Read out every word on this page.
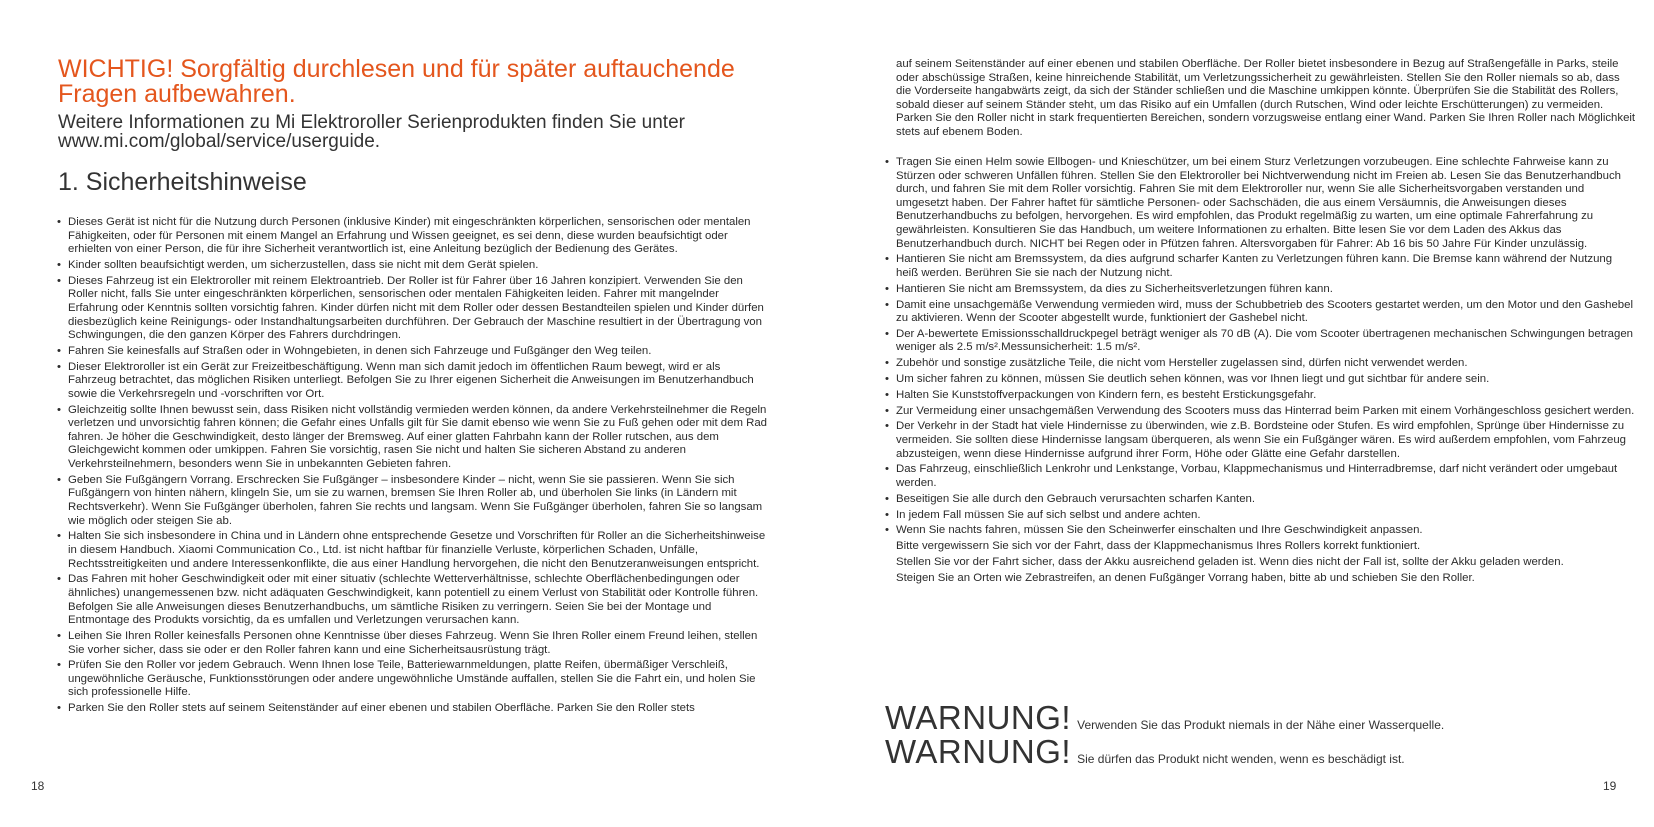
WICHTIG! Sorgfältig durchlesen und für später auftauchende Fragen aufbewahren.

Weitere Informationen zu Mi Elektroroller Serienprodukten finden Sie unter www.mi.com/global/service/userguide.

1. Sicherheitshinweise
• Dieses Gerät ist nicht für die Nutzung durch Personen (inklusive Kinder) mit eingeschränkten körperlichen, sensorischen oder mentalen Fähigkeiten, oder für Personen mit einem Mangel an Erfahrung und Wissen geeignet, es sei denn, diese wurden beaufsichtigt oder erhielten von einer Person, die für ihre Sicherheit verantwortlich ist, eine Anleitung bezüglich der Bedienung des Gerätes.
• Kinder sollten beaufsichtigt werden, um sicherzustellen, dass sie nicht mit dem Gerät spielen.
• Dieses Fahrzeug ist ein Elektroroller mit reinem Elektroantrieb. Der Roller ist für Fahrer über 16 Jahren konzipiert. Verwenden Sie den Roller nicht, falls Sie unter eingeschränkten körperlichen, sensorischen oder mentalen Fähigkeiten leiden. Fahrer mit mangelnder Erfahrung oder Kenntnis sollten vorsichtig fahren. Kinder dürfen nicht mit dem Roller oder dessen Bestandteilen spielen und Kinder dürfen diesbezüglich keine Reinigungs- oder Instandhaltungsarbeiten durchführen. Der Gebrauch der Maschine resultiert in der Übertragung von Schwingungen, die den ganzen Körper des Fahrers durchdringen.
• Fahren Sie keinesfalls auf Straßen oder in Wohngebieten, in denen sich Fahrzeuge und Fußgänger den Weg teilen.
• Dieser Elektroroller ist ein Gerät zur Freizeitbeschäftigung. Wenn man sich damit jedoch im öffentlichen Raum bewegt, wird er als Fahrzeug betrachtet, das möglichen Risiken unterliegt. Befolgen Sie zu Ihrer eigenen Sicherheit die Anweisungen im Benutzerhandbuch sowie die Verkehrsregeln und -vorschriften vor Ort.
• Gleichzeitig sollte Ihnen bewusst sein, dass Risiken nicht vollständig vermieden werden können, da andere Verkehrsteilnehmer die Regeln verletzen und unvorsichtig fahren können; die Gefahr eines Unfalls gilt für Sie damit ebenso wie wenn Sie zu Fuß gehen oder mit dem Rad fahren. Je höher die Geschwindigkeit, desto länger der Bremsweg. Auf einer glatten Fahrbahn kann der Roller rutschen, aus dem Gleichgewicht kommen oder umkippen. Fahren Sie vorsichtig, rasen Sie nicht und halten Sie sicheren Abstand zu anderen Verkehrsteilnehmern, besonders wenn Sie in unbekannten Gebieten fahren.
• Geben Sie Fußgängern Vorrang. Erschrecken Sie Fußgänger – insbesondere Kinder – nicht, wenn Sie sie passieren. Wenn Sie sich Fußgängern von hinten nähern, klingeln Sie, um sie zu warnen, bremsen Sie Ihren Roller ab, und überholen Sie links (in Ländern mit Rechtsverkehr). Wenn Sie Fußgänger überholen, fahren Sie rechts und langsam. Wenn Sie Fußgänger überholen, fahren Sie so langsam wie möglich oder steigen Sie ab.
• Halten Sie sich insbesondere in China und in Ländern ohne entsprechende Gesetze und Vorschriften für Roller an die Sicherheitshinweise in diesem Handbuch. Xiaomi Communication Co., Ltd. ist nicht haftbar für finanzielle Verluste, körperlichen Schaden, Unfälle, Rechtsstreitigkeiten und andere Interessenkonflikte, die aus einer Handlung hervorgehen, die nicht den Benutzeranweisungen entspricht.
• Das Fahren mit hoher Geschwindigkeit oder mit einer situativ (schlechte Wetterverhältnisse, schlechte Oberflächenbedingungen oder ähnliches) unangemessenen bzw. nicht adäquaten Geschwindigkeit, kann potentiell zu einem Verlust von Stabilität oder Kontrolle führen. Befolgen Sie alle Anweisungen dieses Benutzerhandbuchs, um sämtliche Risiken zu verringern. Seien Sie bei der Montage und Entmontage des Produkts vorsichtig, da es umfallen und Verletzungen verursachen kann.
• Leihen Sie Ihren Roller keinesfalls Personen ohne Kenntnisse über dieses Fahrzeug. Wenn Sie Ihren Roller einem Freund leihen, stellen Sie vorher sicher, dass sie oder er den Roller fahren kann und eine Sicherheitsausrüstung trägt.
• Prüfen Sie den Roller vor jedem Gebrauch. Wenn Ihnen lose Teile, Batteriewarnmeldungen, platte Reifen, übermäßiger Verschleiß, ungewöhnliche Geräusche, Funktionsstörungen oder andere ungewöhnliche Umstände auffallen, stellen Sie die Fahrt ein, und holen Sie sich professionelle Hilfe.
• Parken Sie den Roller stets auf seinem Seitenständer auf einer ebenen und stabilen Oberfläche. Parken Sie den Roller stets
18

auf seinem Seitenständer auf einer ebenen und stabilen Oberfläche. Der Roller bietet insbesondere in Bezug auf Straßengefälle in Parks, steile oder abschüssige Straßen, keine hinreichende Stabilität, um Verletzungssicherheit zu gewährleisten. Stellen Sie den Roller niemals so ab, dass die Vorderseite hangabwärts zeigt, da sich der Ständer schließen und die Maschine umkippen könnte. Überprüfen Sie die Stabilität des Rollers, sobald dieser auf seinem Ständer steht, um das Risiko auf ein Umfallen (durch Rutschen, Wind oder leichte Erschütterungen) zu vermeiden. Parken Sie den Roller nicht in stark frequentierten Bereichen, sondern vorzugsweise entlang einer Wand. Parken Sie Ihren Roller nach Möglichkeit stets auf ebenem Boden.

• Tragen Sie einen Helm sowie Ellbogen- und Knieschützer, um bei einem Sturz Verletzungen vorzubeugen. Eine schlechte Fahrweise kann zu Stürzen oder schweren Unfällen führen. Stellen Sie den Elektroroller bei Nichtverwendung nicht im Freien ab. Lesen Sie das Benutzerhandbuch durch, und fahren Sie mit dem Roller vorsichtig. Fahren Sie mit dem Elektroroller nur, wenn Sie alle Sicherheitsvorgaben verstanden und umgesetzt haben. Der Fahrer haftet für sämtliche Personen- oder Sachschäden, die aus einem Versäumnis, die Anweisungen dieses Benutzerhandbuchs zu befolgen, hervorgehen. Es wird empfohlen, das Produkt regelmäßig zu warten, um eine optimale Fahrerfahrung zu gewährleisten. Konsultieren Sie das Handbuch, um weitere Informationen zu erhalten. Bitte lesen Sie vor dem Laden des Akkus das Benutzerhandbuch durch. NICHT bei Regen oder in Pfützen fahren. Altersvorgaben für Fahrer: Ab 16 bis 50 Jahre Für Kinder unzulässig.
• Hantieren Sie nicht am Bremssystem, da dies aufgrund scharfer Kanten zu Verletzungen führen kann. Die Bremse kann während der Nutzung heiß werden. Berühren Sie sie nach der Nutzung nicht.
• Hantieren Sie nicht am Bremssystem, da dies zu Sicherheitsverletzungen führen kann.
• Damit eine unsachgemäße Verwendung vermieden wird, muss der Schubbetrieb des Scooters gestartet werden, um den Motor und den Gashebel zu aktivieren. Wenn der Scooter abgestellt wurde, funktioniert der Gashebel nicht.
• Der A-bewertete Emissionsschalldruckpegel beträgt weniger als 70 dB (A). Die vom Scooter übertragenen mechanischen Schwingungen betragen weniger als 2.5 m/s².Messunsicherheit: 1.5 m/s².
• Zubehör und sonstige zusätzliche Teile, die nicht vom Hersteller zugelassen sind, dürfen nicht verwendet werden.
• Um sicher fahren zu können, müssen Sie deutlich sehen können, was vor Ihnen liegt und gut sichtbar für andere sein.
• Halten Sie Kunststoffverpackungen von Kindern fern, es besteht Erstickungsgefahr.
• Zur Vermeidung einer unsachgemäßen Verwendung des Scooters muss das Hinterrad beim Parken mit einem Vorhängeschloss gesichert werden.
• Der Verkehr in der Stadt hat viele Hindernisse zu überwinden, wie z.B. Bordsteine oder Stufen. Es wird empfohlen, Sprünge über Hindernisse zu vermeiden. Sie sollten diese Hindernisse langsam überqueren, als wenn Sie ein Fußgänger wären. Es wird außerdem empfohlen, vom Fahrzeug abzusteigen, wenn diese Hindernisse aufgrund ihrer Form, Höhe oder Glätte eine Gefahr darstellen.
• Das Fahrzeug, einschließlich Lenkrohr und Lenkstange, Vorbau, Klappmechanismus und Hinterradbremse, darf nicht verändert oder umgebaut werden.
• Beseitigen Sie alle durch den Gebrauch verursachten scharfen Kanten.
• In jedem Fall müssen Sie auf sich selbst und andere achten.
• Wenn Sie nachts fahren, müssen Sie den Scheinwerfer einschalten und Ihre Geschwindigkeit anpassen.
Bitte vergewissern Sie sich vor der Fahrt, dass der Klappmechanismus Ihres Rollers korrekt funktioniert.
Stellen Sie vor der Fahrt sicher, dass der Akku ausreichend geladen ist. Wenn dies nicht der Fall ist, sollte der Akku geladen werden.
Steigen Sie an Orten wie Zebrastreifen, an denen Fußgänger Vorrang haben, bitte ab und schieben Sie den Roller.
WARNUNG! Verwenden Sie das Produkt niemals in der Nähe einer Wasserquelle.
WARNUNG! Sie dürfen das Produkt nicht wenden, wenn es beschädigt ist.
19
